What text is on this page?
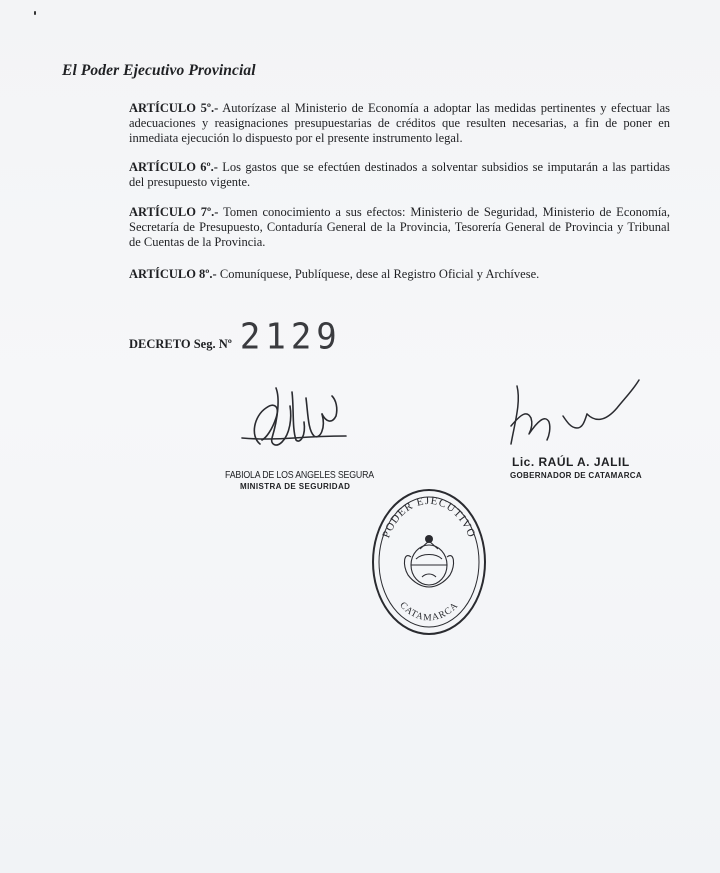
El Poder Ejecutivo Provincial
ARTÍCULO 5º.- Autorízase al Ministerio de Economía a adoptar las medidas pertinentes y efectuar las adecuaciones y reasignaciones presupuestarias de créditos que resulten necesarias, a fin de poner en inmediata ejecución lo dispuesto por el presente instrumento legal.
ARTÍCULO 6º.- Los gastos que se efectúen destinados a solventar subsidios se imputarán a las partidas del presupuesto vigente.
ARTÍCULO 7º.- Tomen conocimiento a sus efectos: Ministerio de Seguridad, Ministerio de Economía, Secretaría de Presupuesto, Contaduría General de la Provincia, Tesorería General de Provincia y Tribunal de Cuentas de la Provincia.
ARTÍCULO 8º.- Comuníquese, Publíquese, dese al Registro Oficial y Archívese.
DECRETO Seg. Nº 2129
FABIOLA DE LOS ANGELES SEGURA
MINISTRA DE SEGURIDAD
Lic. RAÚL A. JALIL
GOBERNADOR DE CATAMARCA
PODER EJECUTIVO
CATAMARCA
